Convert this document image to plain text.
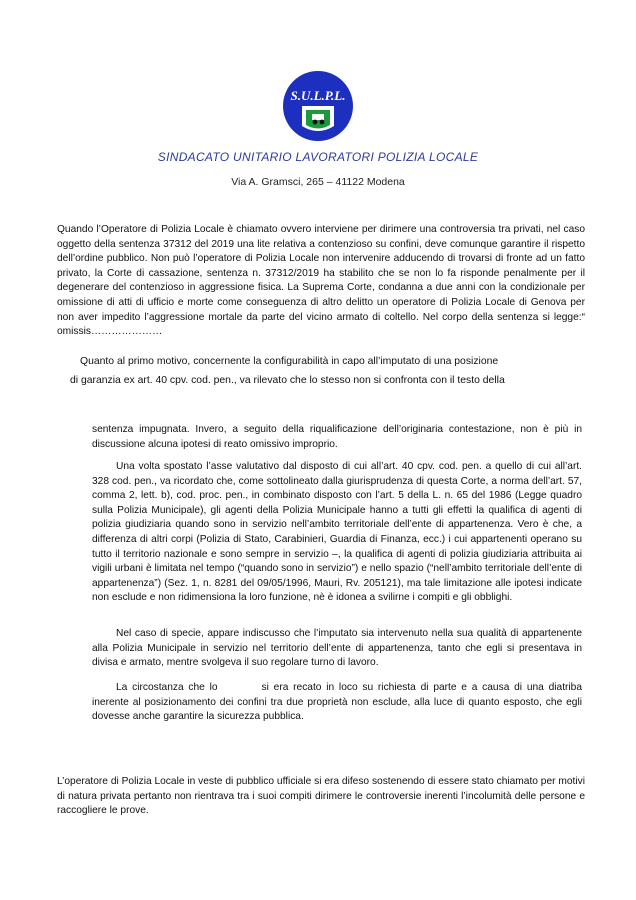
S.U.L.P.L.
SINDACATO UNITARIO LAVORATORI POLIZIA LOCALE
Via A. Gramsci, 265 – 41122 Modena

Quando l’Operatore di Polizia Locale è chiamato ovvero interviene per dirimere una controversia tra privati, nel caso oggetto della sentenza 37312 del 2019 una lite relativa a contenzioso su confini, deve comunque garantire il rispetto dell’ordine pubblico. Non può l’operatore di Polizia Locale non intervenire adducendo di trovarsi di fronte ad un fatto privato, la Corte di cassazione, sentenza n. 37312/2019 ha stabilito che se non lo fa risponde penalmente per il degenerare del contenzioso in aggressione fisica. La Suprema Corte, condanna a due anni con la condizionale per omissione di atti di ufficio e morte come conseguenza di altro delitto un operatore di Polizia Locale di Genova per non aver impedito l’aggressione mortale da parte del vicino armato di coltello. Nel corpo della sentenza si legge:“ omissis…………………

Quanto al primo motivo, concernente la configurabilità in capo all’imputato di una posizione
di garanzia ex art. 40 cpv. cod. pen., va rilevato che lo stesso non si confronta con il testo della

sentenza impugnata. Invero, a seguito della riqualificazione dell’originaria contestazione, non è più in discussione alcuna ipotesi di reato omissivo improprio.

Una volta spostato l’asse valutativo dal disposto di cui all’art. 40 cpv. cod. pen. a quello di cui all’art. 328 cod. pen., va ricordato che, come sottolineato dalla giurisprudenza di questa Corte, a norma dell’art. 57, comma 2, lett. b), cod. proc. pen., in combinato disposto con l’art. 5 della L. n. 65 del 1986 (Legge quadro sulla Polizia Municipale), gli agenti della Polizia Municipale hanno a tutti gli effetti la qualifica di agenti di polizia giudiziaria quando sono in servizio nell’ambito territoriale dell’ente di appartenenza. Vero è che, a differenza di altri corpi (Polizia di Stato, Carabinieri, Guardia di Finanza, ecc.) i cui appartenenti operano su tutto il territorio nazionale e sono sempre in servizio –, la qualifica di agenti di polizia giudiziaria attribuita ai vigili urbani è limitata nel tempo (“quando sono in servizio”) e nello spazio (“nell’ambito territoriale dell’ente di appartenenza”) (Sez. 1, n. 8281 del 09/05/1996, Mauri, Rv. 205121), ma tale limitazione alle ipotesi indicate non esclude e non ridimensiona la loro funzione, nè è idonea a svilirne i compiti e gli obblighi.

Nel caso di specie, appare indiscusso che l’imputato sia intervenuto nella sua qualità di appartenente alla Polizia Municipale in servizio nel territorio dell’ente di appartenenza, tanto che egli si presentava in divisa e armato, mentre svolgeva il suo regolare turno di lavoro.

La circostanza che lo	si era recato in loco su richiesta di parte e a causa di una diatriba inerente al posizionamento dei confini tra due proprietà non esclude, alla luce di quanto esposto, che egli dovesse anche garantire la sicurezza pubblica.

L’operatore di Polizia Locale in veste di pubblico ufficiale si era difeso sostenendo di essere stato chiamato per motivi di natura privata pertanto non rientrava tra i suoi compiti dirimere le controversie inerenti l’incolumità delle persone e raccogliere le prove.
